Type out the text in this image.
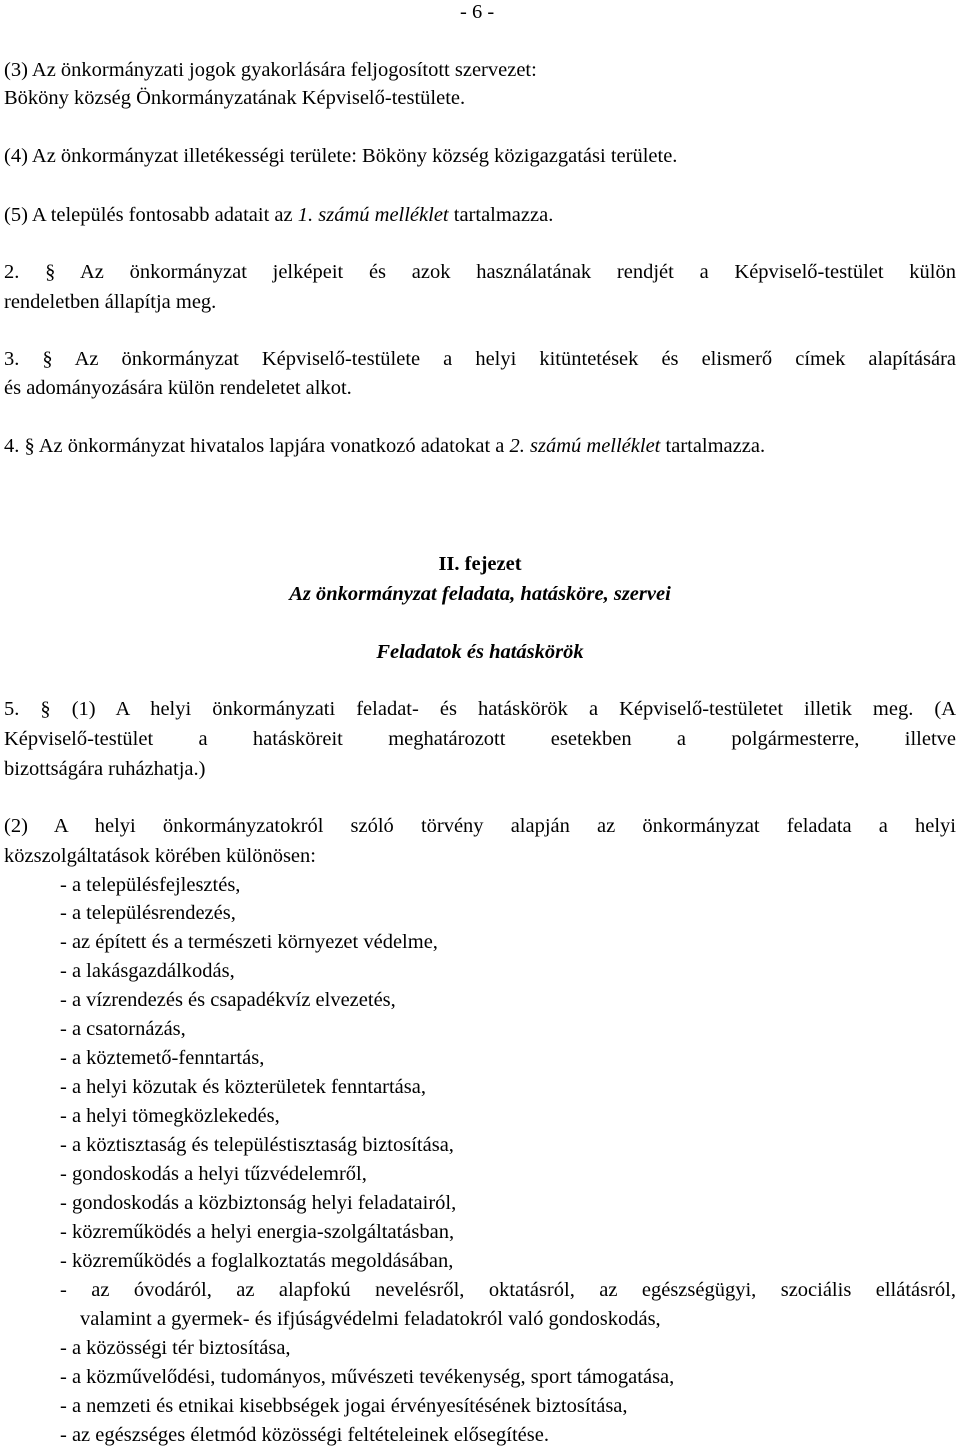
- 6 -
(3) Az önkormányzati jogok gyakorlására feljogosított szervezet:
Bököny község Önkormányzatának Képviselő-testülete.
(4) Az önkormányzat illetékességi területe: Bököny község közigazgatási területe.
(5) A település fontosabb adatait az 1. számú melléklet tartalmazza.
2. § Az önkormányzat jelképeit és azok használatának rendjét a Képviselő-testület külön
rendeletben állapítja meg.
3. § Az önkormányzat Képviselő-testülete a helyi kitüntetések és elismerő címek alapítására
és adományozására külön rendeletet alkot.
4. § Az önkormányzat hivatalos lapjára vonatkozó adatokat a 2. számú melléklet tartalmazza.
II. fejezet
Az önkormányzat feladata, hatásköre, szervei
Feladatok és hatáskörök
5. § (1) A helyi önkormányzati feladat- és hatáskörök a Képviselő-testületet illetik meg. (A
Képviselő-testület a hatásköreit meghatározott esetekben a polgármesterre, illetve
bizottságára ruházhatja.)
(2) A helyi önkormányzatokról szóló törvény alapján az önkormányzat feladata a helyi
közszolgáltatások körében különösen:
- a településfejlesztés,
- a településrendezés,
- az épített és a természeti környezet védelme,
- a lakásgazdálkodás,
- a vízrendezés és csapadékvíz elvezetés,
- a csatornázás,
- a köztemető-fenntartás,
- a helyi közutak és közterületek fenntartása,
- a helyi tömegközlekedés,
- a köztisztaság és településtisztaság biztosítása,
- gondoskodás a helyi tűzvédelemről,
- gondoskodás a közbiztonság helyi feladatairól,
- közreműködés a helyi energia-szolgáltatásban,
- közreműködés a foglalkoztatás megoldásában,
- az óvodáról, az alapfokú nevelésről, oktatásról, az egészségügyi, szociális ellátásról,
valamint a gyermek- és ifjúságvédelmi feladatokról való gondoskodás,
- a közösségi tér biztosítása,
- a közművelődési, tudományos, művészeti tevékenység, sport támogatása,
- a nemzeti és etnikai kisebbségek jogai érvényesítésének biztosítása,
- az egészséges életmód közösségi feltételeinek elősegítése.
